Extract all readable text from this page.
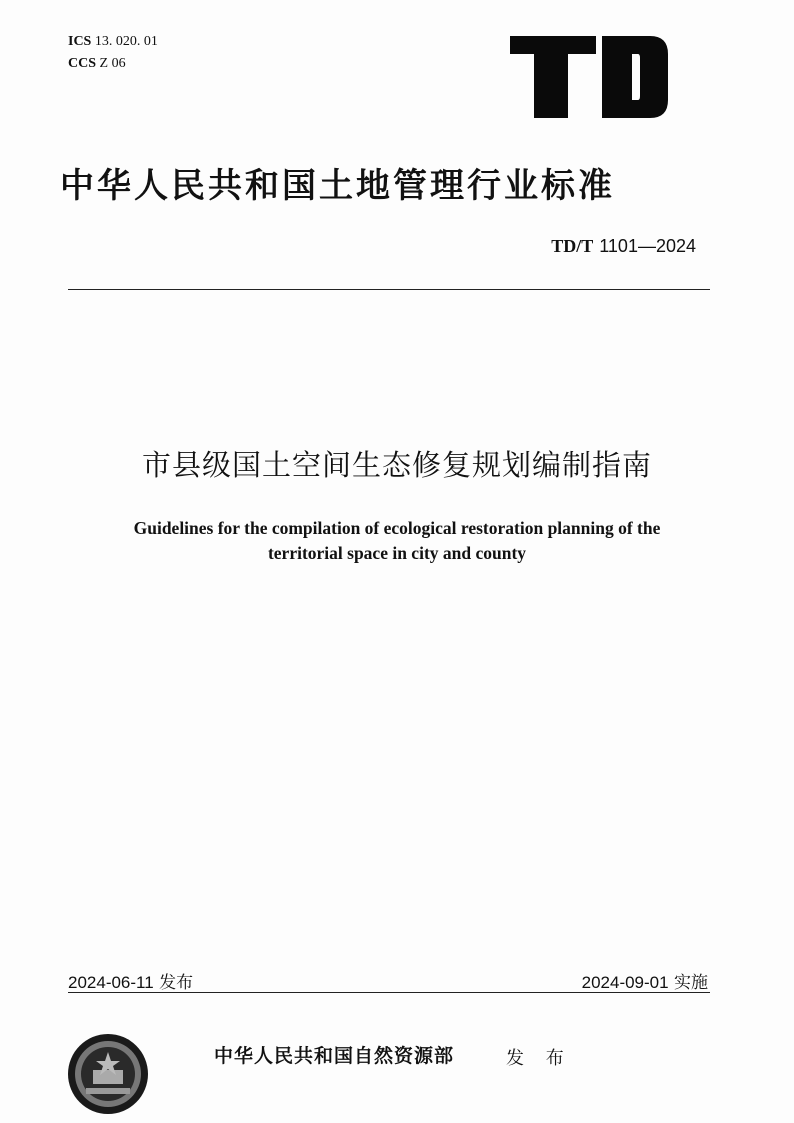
ICS 13. 020. 01
CCS Z 06
中华人民共和国土地管理行业标准
TD/T 1101—2024
市县级国土空间生态修复规划编制指南
Guidelines for the compilation of ecological restoration planning of the
territorial space in city and county
2024-06-11 发布	2024-09-01 实施
中华人民共和国自然资源部	发 布
